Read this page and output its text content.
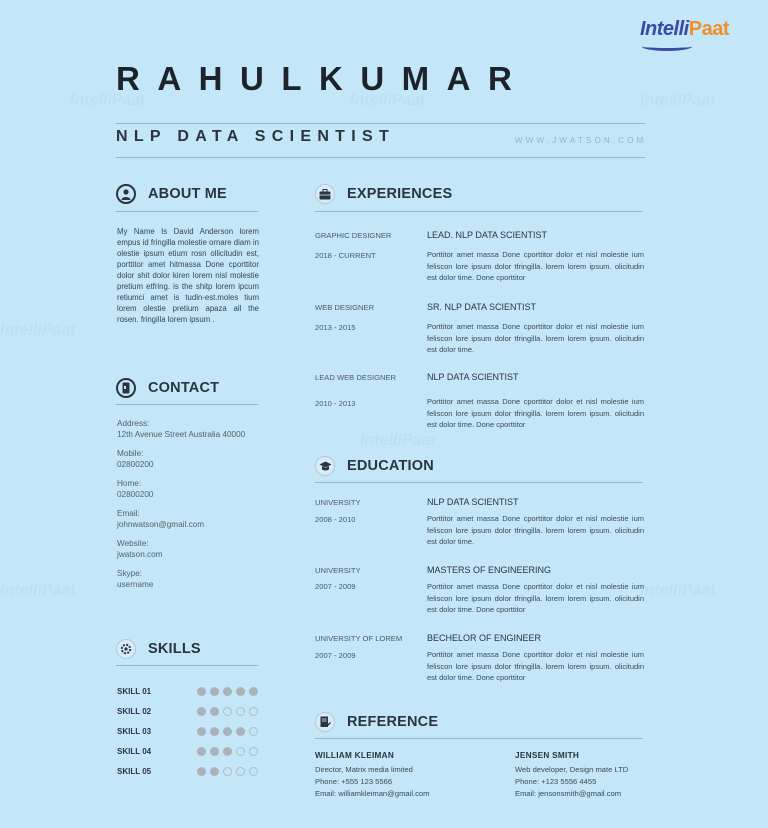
IntelliPaat	IntelliPaat	IntelliPaat
IntelliPaat
IntelliPaat
IntelliPaat	IntelliPaat
IntelliPaat
RAHULKUMAR
NLP DATA SCIENTIST	WWW.JWATSON.COM
ABOUT ME
My Name Is David Anderson lorem empus id fringilla molestie ornare diam in olestie ipsum etium rosn ollicitudin est, porttitor amet hitmassa Done cporttitor dolor shit dolor kiren lorem nisl molestie pretium etfring. is the shitp lorem ipcum retiumci amet is tudin-est.moles tium lorem olestie pretium apaza all the rosen. fringilla lorem ipsum .
CONTACT
Address:
12th Avenue Street Australia 40000
Mobile:
02800200
Home:
02800200
Email:
johnwatson@gmail.com
Website:
jwatson.com
Skype:
username
SKILLS
SKILL 01
SKILL 02
SKILL 03
SKILL 04
SKILL 05
EXPERIENCES
GRAPHIC DESIGNER	LEAD. NLP DATA SCIENTIST
2018 - CURRENT	Porttitor amet massa Done cporttitor dolor et nisl molestie ium feliscon lore ipsum dolor tfringilla. lorem lorem ipsum. olicitudin est dolor time. Done cporttitor
WEB DESIGNER	SR. NLP DATA SCIENTIST
2013 - 2015	Porttitor amet massa Done cporttitor dolor et nisl molestie ium feliscon lore ipsum dolor tfringilla. lorem lorem ipsum. olicitudin est dolor time.
LEAD WEB DESIGNER	NLP DATA SCIENTIST
2010 - 2013	Porttitor amet massa Done cporttitor dolor et nisl molestie ium feliscon lore ipsum dolor tfringilla. lorem lorem ipsum. olicitudin est dolor time. Done cporttitor
EDUCATION
UNIVERSITY	NLP DATA SCIENTIST
2008 - 2010	Porttitor amet massa Done cporttitor dolor et nisl molestie ium feliscon lore ipsum dolor tfringilla. lorem lorem ipsum. olicitudin est dolor time.
UNIVERSITY	MASTERS OF ENGINEERING
2007 - 2009	Porttitor amet massa Done cporttitor dolor et nisl molestie ium feliscon lore ipsum dolor tfringilla. lorem lorem ipsum. olicitudin est dolor time. Done cporttitor
UNIVERSITY OF LOREM	BECHELOR OF ENGINEER
2007 - 2009	Porttitor amet massa Done cporttitor dolor et nisl molestie ium feliscon lore ipsum dolor tfringilla. lorem lorem ipsum. olicitudin est dolor time. Done cporttitor
REFERENCE
WILLIAM KLEIMAN
Director, Matrix media limited
Phone: +555 123 5566
Email: williamkleiman@gmail.com
JENSEN SMITH
Web developer, Design mate LTD
Phone: +123 5556 4455
Email: jensonsmith@gmail.com
